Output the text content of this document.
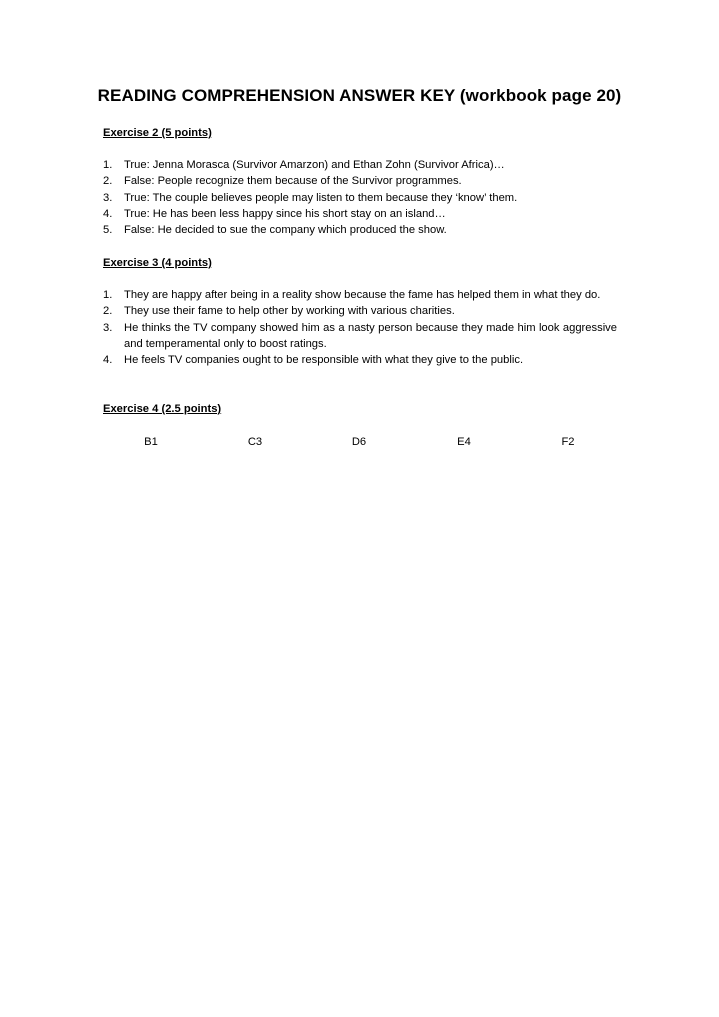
READING COMPREHENSION ANSWER KEY (workbook page 20)

Exercise 2 (5 points)

1. True: Jenna Morasca (Survivor Amarzon) and Ethan Zohn (Survivor Africa)…
2. False: People recognize them because of the Survivor programmes.
3. True: The couple believes people may listen to them because they ‘know’ them.
4. True: He has been less happy since his short stay on an island…
5. False: He decided to sue the company which produced the show.

Exercise 3 (4 points)

1. They are happy after being in a reality show because the fame has helped them in what they do.
2. They use their fame to help other by working with various charities.
3. He thinks the TV company showed him as a nasty person because they made him look aggressive and temperamental only to boost ratings.
4. He feels TV companies ought to be responsible with what they give to the public.

Exercise 4 (2.5 points)

B1	C3	D6	E4	F2
